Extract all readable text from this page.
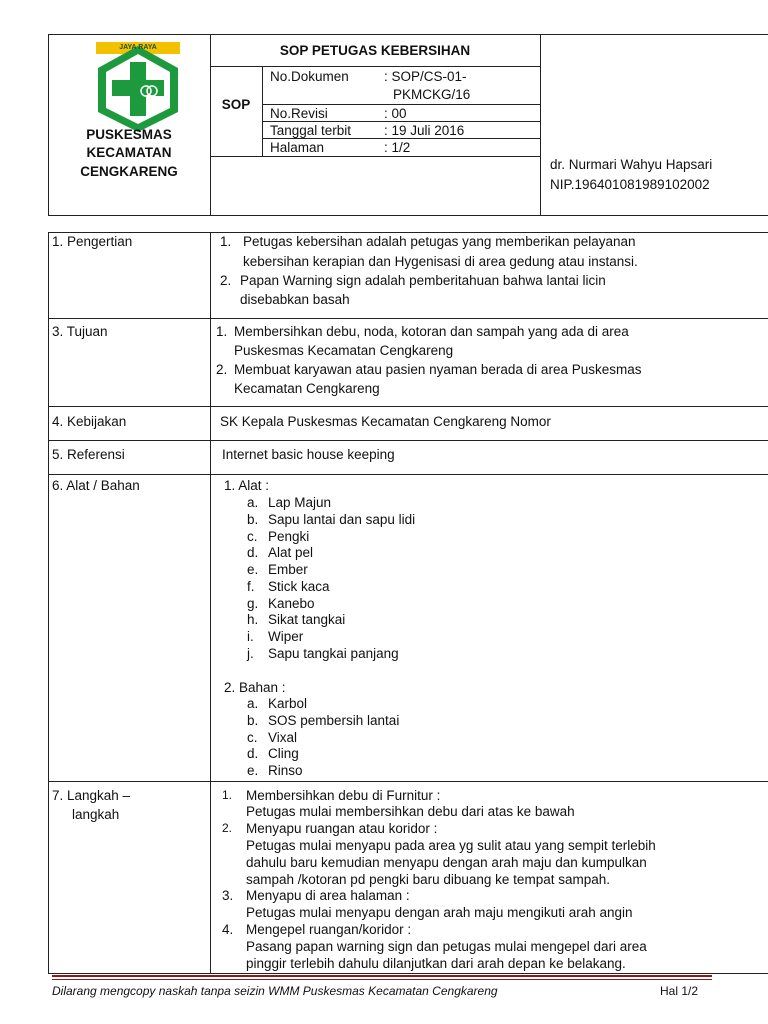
JAYA RAYA
PUSKESMAS
KECAMATAN
CENGKARENG
SOP PETUGAS KEBERSIHAN
SOP
No.Dokumen	: SOP/CS-01-
PKMCKG/16
No.Revisi	: 00
Tanggal terbit : 19 Juli 2016
Halaman	: 1/2
dr. Nurmari Wahyu Hapsari
NIP.196401081989102002
1. Pengertian	1. Petugas kebersihan adalah petugas yang memberikan pelayanan
kebersihan kerapian dan Hygenisasi di area gedung atau instansi.
2. Papan Warning sign adalah pemberitahuan bahwa lantai licin
disebabkan basah
3. Tujuan	1. Membersihkan debu, noda, kotoran dan sampah yang ada di area
Puskesmas Kecamatan Cengkareng
2. Membuat karyawan atau pasien nyaman berada di area Puskesmas
Kecamatan Cengkareng
4. Kebijakan	SK Kepala Puskesmas Kecamatan Cengkareng Nomor
5. Referensi	Internet basic house keeping
6. Alat / Bahan	1. Alat :
a. Lap Majun
b. Sapu lantai dan sapu lidi
c. Pengki
d. Alat pel
e. Ember
f. Stick kaca
g. Kanebo
h. Sikat tangkai
i. Wiper
j. Sapu tangkai panjang
2. Bahan :
a. Karbol
b. SOS pembersih lantai
c. Vixal
d. Cling
e. Rinso
7. Langkah –
langkah
1. Membersihkan debu di Furnitur :
Petugas mulai membersihkan debu dari atas ke bawah
2. Menyapu ruangan atau koridor :
Petugas mulai menyapu pada area yg sulit atau yang sempit terlebih
dahulu baru kemudian menyapu dengan arah maju dan kumpulkan
sampah /kotoran pd pengki baru dibuang ke tempat sampah.
3. Menyapu di area halaman :
Petugas mulai menyapu dengan arah maju mengikuti arah angin
4. Mengepel ruangan/koridor :
Pasang papan warning sign dan petugas mulai mengepel dari area
pinggir terlebih dahulu dilanjutkan dari arah depan ke belakang.
Dilarang mengcopy naskah tanpa seizin WMM Puskesmas Kecamatan Cengkareng	Hal 1/2
